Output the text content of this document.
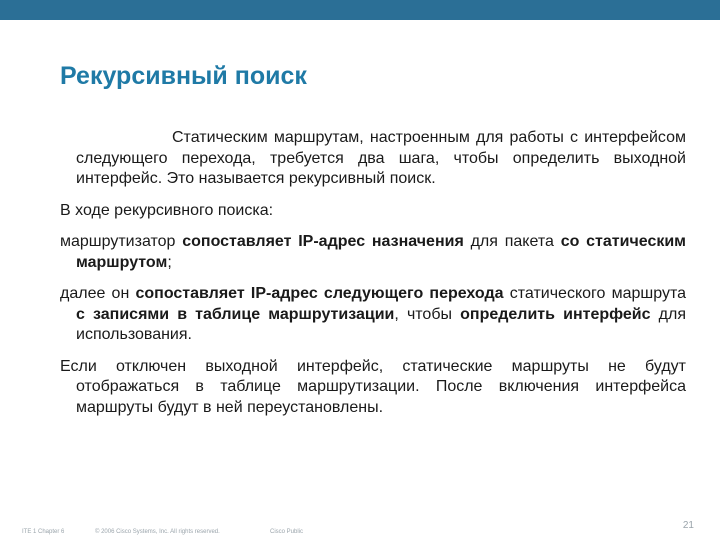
Рекурсивный поиск

Статическим маршрутам, настроенным для работы с интерфейсом следующего перехода, требуется два шага, чтобы определить выходной интерфейс. Это называется рекурсивный поиск.

В ходе рекурсивного поиска:

маршрутизатор сопоставляет IP-адрес назначения для пакета со статическим маршрутом;

далее он сопоставляет IP-адрес следующего перехода статического маршрута с записями в таблице маршрутизации, чтобы определить интерфейс для использования.

Если отключен выходной интерфейс, статические маршруты не будут отображаться в таблице маршрутизации. После включения интерфейса маршруты будут в ней переустановлены.

ITE 1 Chapter 6	© 2006 Cisco Systems, Inc. All rights reserved.	Cisco Public
21
